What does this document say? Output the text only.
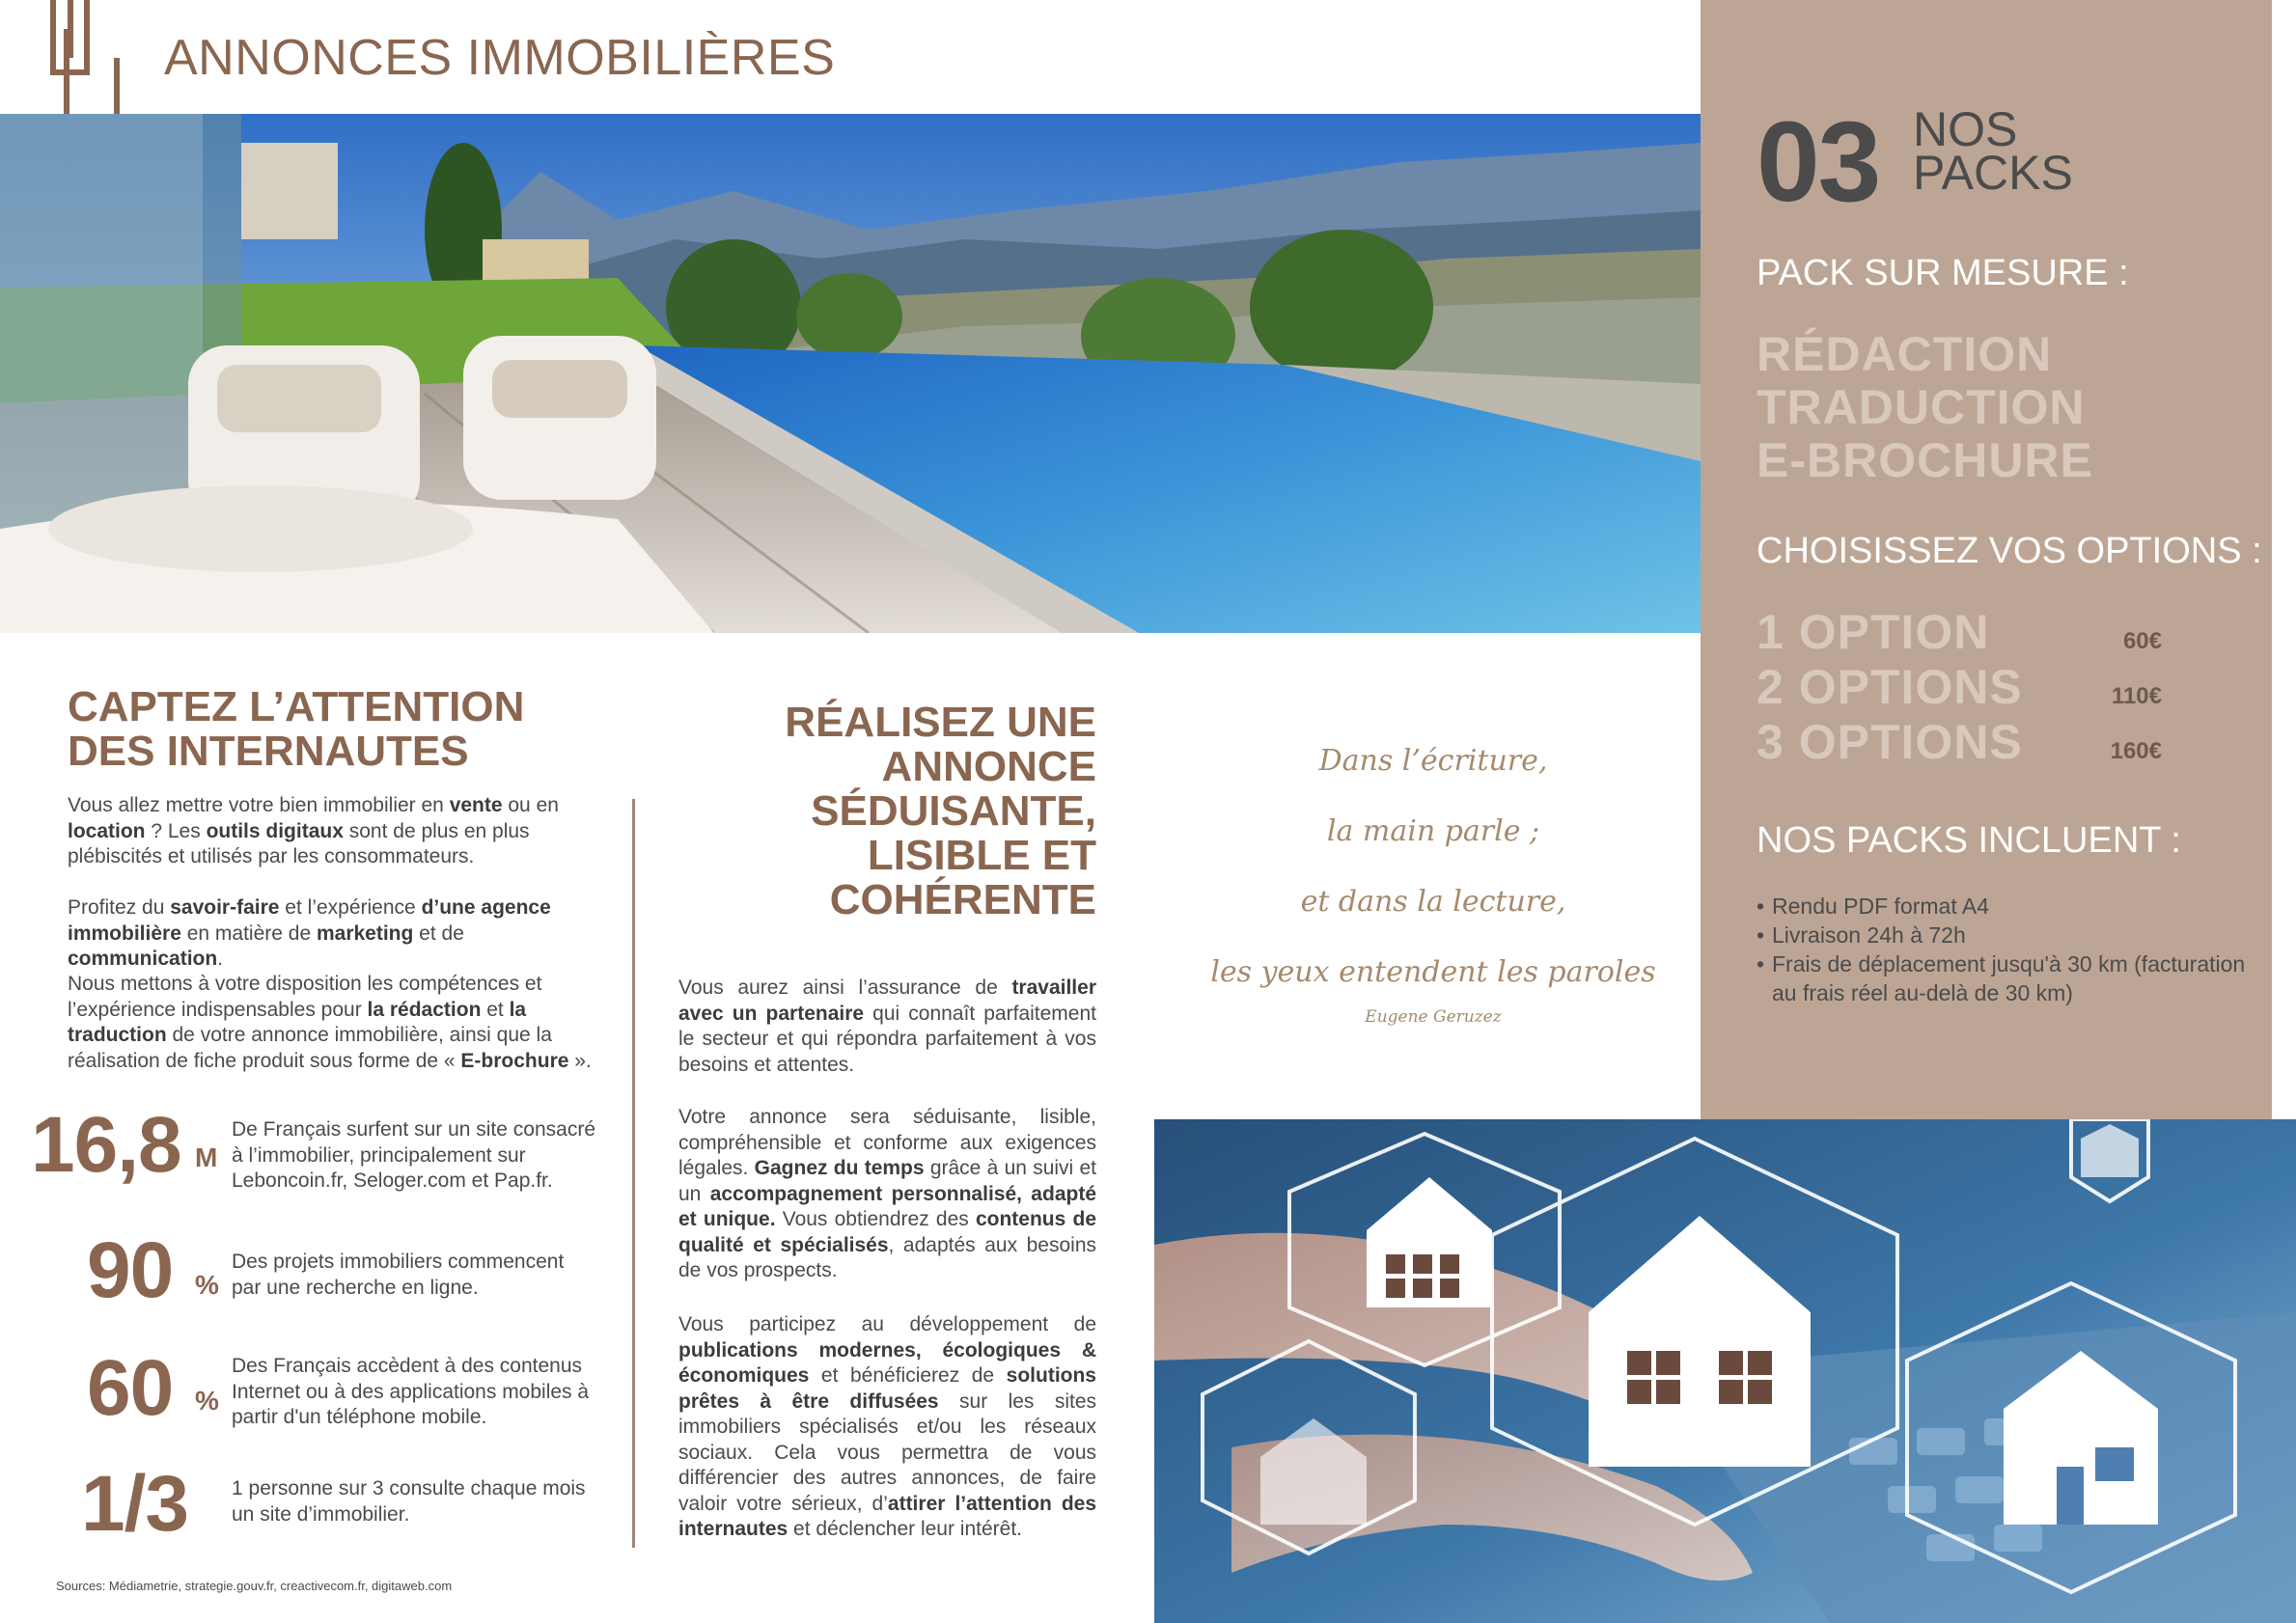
ANNONCES IMMOBILIÈRES
03 NOS
PACKS
PACK SUR MESURE :
RÉDACTION
TRADUCTION
E-BROCHURE
CHOISISSEZ VOS OPTIONS :
1 OPTION	60€
2 OPTIONS	110€
3 OPTIONS	160€
NOS PACKS INCLUENT :
• Rendu PDF format A4
• Livraison 24h à 72h
• Frais de déplacement jusqu'à 30 km (facturation au frais réel au-delà de 30 km)
CAPTEZ L’ATTENTION
DES INTERNAUTES

Vous allez mettre votre bien immobilier en vente ou en location ? Les outils digitaux sont de plus en plus plébiscités et utilisés par les consommateurs.

Profitez du savoir-faire et l’expérience d’une agence immobilière en matière de marketing et de communication.

Nous mettons à votre disposition les compétences et l’expérience indispensables pour la rédaction et la traduction de votre annonce immobilière, ainsi que la réalisation de fiche produit sous forme de « E-brochure ».

16,8 M
De Français surfent sur un site consacré à l’immobilier, principalement sur Leboncoin.fr, Seloger.com et Pap.fr.
90 %
Des projets immobiliers commencent par une recherche en ligne.
60 %
Des Français accèdent à des contenus Internet ou à des applications mobiles à partir d'un téléphone mobile.
1/3 1 personne sur 3 consulte chaque mois un site d’immobilier.
Sources: Médiametrie, strategie.gouv.fr, creactivecom.fr, digitaweb.com
RÉALISEZ UNE
ANNONCE
SÉDUISANTE,
LISIBLE ET
COHÉRENTE

Vous aurez ainsi l’assurance de travailler avec un partenaire qui connaît parfaitement le secteur et qui répondra parfaitement à vos besoins et attentes.

Votre annonce sera séduisante, lisible, compréhensible et conforme aux exigences légales. Gagnez du temps grâce à un suivi et un accompagnement personnalisé, adapté et unique. Vous obtiendrez des contenus de qualité et spécialisés, adaptés aux besoins de vos prospects.

Vous participez au développement de publications modernes, écologiques & économiques et bénéficierez de solutions prêtes à être diffusées sur les sites immobiliers spécialisés et/ou les réseaux sociaux. Cela vous permettra de vous différencier des autres annonces, de faire valoir votre sérieux, d’attirer l’attention des internautes et déclencher leur intérêt.

Dans l’écriture,
la main parle ;
et dans la lecture,
les yeux entendent les paroles
Eugene Geruzez
